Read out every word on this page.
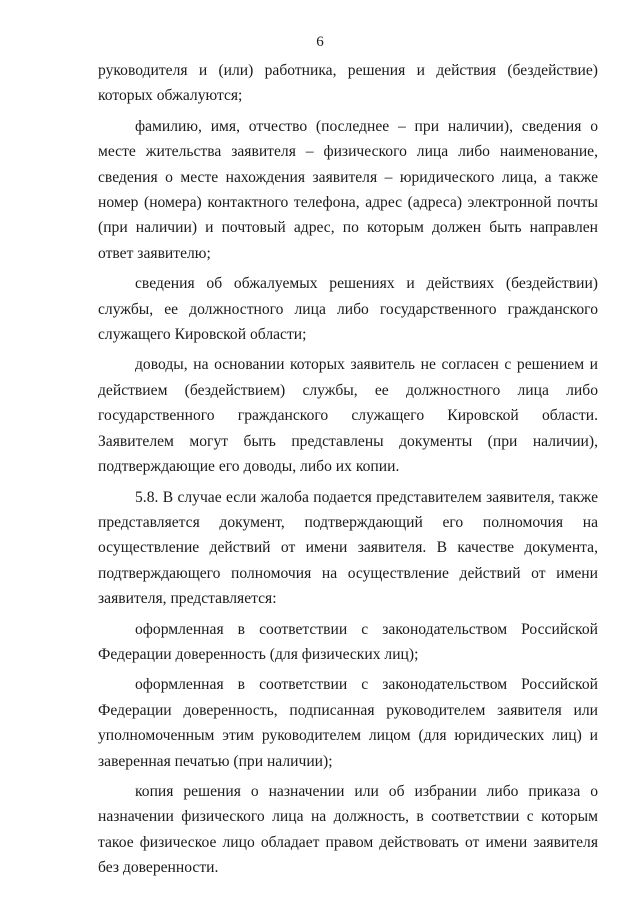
6

руководителя и (или) работника, решения и действия (бездействие) которых обжалуются;

фамилию, имя, отчество (последнее – при наличии), сведения о месте жительства заявителя – физического лица либо наименование, сведения о месте нахождения заявителя – юридического лица, а также номер (номера) контактного телефона, адрес (адреса) электронной почты (при наличии) и почтовый адрес, по которым должен быть направлен ответ заявителю;

сведения об обжалуемых решениях и действиях (бездействии) службы, ее должностного лица либо государственного гражданского служащего Кировской области;

доводы, на основании которых заявитель не согласен с решением и действием (бездействием) службы, ее должностного лица либо государственного гражданского служащего Кировской области. Заявителем могут быть представлены документы (при наличии), подтверждающие его доводы, либо их копии.

5.8. В случае если жалоба подается представителем заявителя, также представляется документ, подтверждающий его полномочия на осуществление действий от имени заявителя. В качестве документа, подтверждающего полномочия на осуществление действий от имени заявителя, представляется:

оформленная в соответствии с законодательством Российской Федерации доверенность (для физических лиц);

оформленная в соответствии с законодательством Российской Федерации доверенность, подписанная руководителем заявителя или уполномоченным этим руководителем лицом (для юридических лиц) и заверенная печатью (при наличии);

копия решения о назначении или об избрании либо приказа о назначении физического лица на должность, в соответствии с которым такое физическое лицо обладает правом действовать от имени заявителя без доверенности.
